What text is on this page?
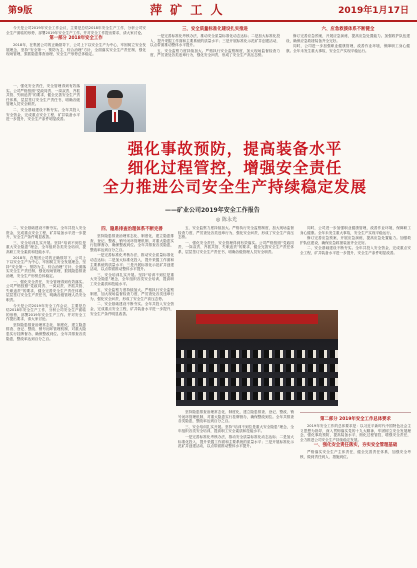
第9版	萍 矿 工 人	2019年1月17日

今天是公司2019年安全工作会议，主要是总结2018年安全生产工作，分析公司安全生产面临的形势，部署2019年安全生产工作。并对安全工作提出要求，请大家讨论。

第一部分 2018年安全工作

2018年，在集团公司的正确领导下，公司上下以安全生产为中心，牢固树立安全发展理念，坚持“安全第一、预防为主、综合治理”方针，全面落实安全生产责任制，强化现场管理，狠抓隐患排查治理，安全生产形势总体稳定。

一、强化安全责任，安全管理得到有效落实。公司严格按照“党政同责、一岗双责、齐抓共管、失职追责”的要求，健全完善安全生产责任体系，层层签订安全生产责任书，明确各级管理人员安全职责。

二、安全基础建设不断夯实。全年共投入安全资金，完成重点安全工程，矿井装备水平进一步提升，安全生产条件明显改善。

三、安全质量标准化建设扎实推进

一是完善标准化考核办法，推动安全质量标准化动态达标；二是加大标准化投入，提升采掘工作面和主要系统的质量水平；三是开展标准化示范矿井创建活动，以点带面推动整体水平提升。

五、安全监察力度持续加大。严格执行安全监察制度，加大现场监督检查力度，严厉查处各类违章行为，强化安全问责，形成了安全生产高压态势。

六、应急救援体系不断健全

修订完善应急预案，开展应急演练，提高应急处置能力。加强救护队伍建设，确保应急救援装备齐全完好。

同时，公司进一步加强职业健康管理，改善作业环境，保障职工身心健康。全年未发生重大事故，安全生产实现平稳运行。

强化事故预防，提高装备水平
细化过程管控，增强安全责任
全力推进公司安全生产持续稳定发展
——矿业公司2019年安全工作报告
◎ 陈永光

二、安全基础建设不断夯实。全年共投入安全资金，完成重点安全工程，矿井装备水平进一步提升，安全生产条件明显改善。

三、安全培训扎实开展。坚持“培训不到位是重大安全隐患”理念，全年组织各类安全培训，提高职工安全素质和技能水平。

2018年，在集团公司的正确领导下，公司上下以安全生产为中心，牢固树立安全发展理念，坚持“安全第一、预防为主、综合治理”方针，全面落实安全生产责任制，强化现场管理，狠抓隐患排查治理，安全生产形势总体稳定。

一、强化安全责任，安全管理得到有效落实。公司严格按照“党政同责、一岗双责、齐抓共管、失职追责”的要求，健全完善安全生产责任体系，层层签订安全生产责任书，明确各级管理人员安全职责。

今天是公司2019年安全工作会议，主要是总结2018年安全生产工作，分析公司安全生产面临的形势，部署2019年安全生产工作。并对安全工作提出要求，请大家讨论。

坚持隐患排查治理常态化、制度化，建立隐患排查、登记、整改、销号闭环管理机制，对重大隐患实行挂牌督办，确保整改到位。全年共排查各类隐患，整改率达到百分之百。

四、隐患排查治理体系不断完善

坚持隐患排查治理常态化、制度化，建立隐患排查、登记、整改、销号闭环管理机制，对重大隐患实行挂牌督办，确保整改到位。全年共排查各类隐患，整改率达到百分之百。

一是完善标准化考核办法，推动安全质量标准化动态达标；二是加大标准化投入，提升采掘工作面和主要系统的质量水平；三是开展标准化示范矿井创建活动，以点带面推动整体水平提升。

三、安全培训扎实开展。坚持“培训不到位是重大安全隐患”理念，全年组织各类安全培训，提高职工安全素质和技能水平。

五、安全监察力度持续加大。严格执行安全监察制度，加大现场监督检查力度，严厉查处各类违章行为，强化安全问责，形成了安全生产高压态势。

二、安全基础建设不断夯实。全年共投入安全资金，完成重点安全工程，矿井装备水平进一步提升，安全生产条件明显改善。

五、安全监察力度持续加大。严格执行安全监察制度，加大现场监督检查力度，严厉查处各类违章行为，强化安全问责，形成了安全生产高压态势。

一、强化安全责任，安全管理得到有效落实。公司严格按照“党政同责、一岗双责、齐抓共管、失职追责”的要求，健全完善安全生产责任体系，层层签订安全生产责任书，明确各级管理人员安全职责。

坚持隐患排查治理常态化、制度化，建立隐患排查、登记、整改、销号闭环管理机制，对重大隐患实行挂牌督办，确保整改到位。全年共排查各类隐患，整改率达到百分之百。

三、安全培训扎实开展。坚持“培训不到位是重大安全隐患”理念，全年组织各类安全培训，提高职工安全素质和技能水平。

一是完善标准化考核办法，推动安全质量标准化动态达标；二是加大标准化投入，提升采掘工作面和主要系统的质量水平；三是开展标准化示范矿井创建活动，以点带面推动整体水平提升。

同时，公司进一步加强职业健康管理，改善作业环境，保障职工身心健康。全年未发生重大事故，安全生产实现平稳运行。

修订完善应急预案，开展应急演练，提高应急处置能力。加强救护队伍建设，确保应急救援装备齐全完好。

二、安全基础建设不断夯实。全年共投入安全资金，完成重点安全工程，矿井装备水平进一步提升，安全生产条件明显改善。

第二部分 2019年安全工作总体要求

2019年安全工作的总体要求是：以习近平新时代中国特色社会主义思想为指导，深入贯彻落实党的十九大精神，牢固树立安全发展理念，强化事故预防，提高装备水平，细化过程管控，增强安全责任，全力推进公司安全生产持续稳定发展。

一、强化安全责任落实，夯实安全管理基础

严格落实安全生产主体责任，健全完善责任体系，加强安全考核，做到责任到人、措施到位。
